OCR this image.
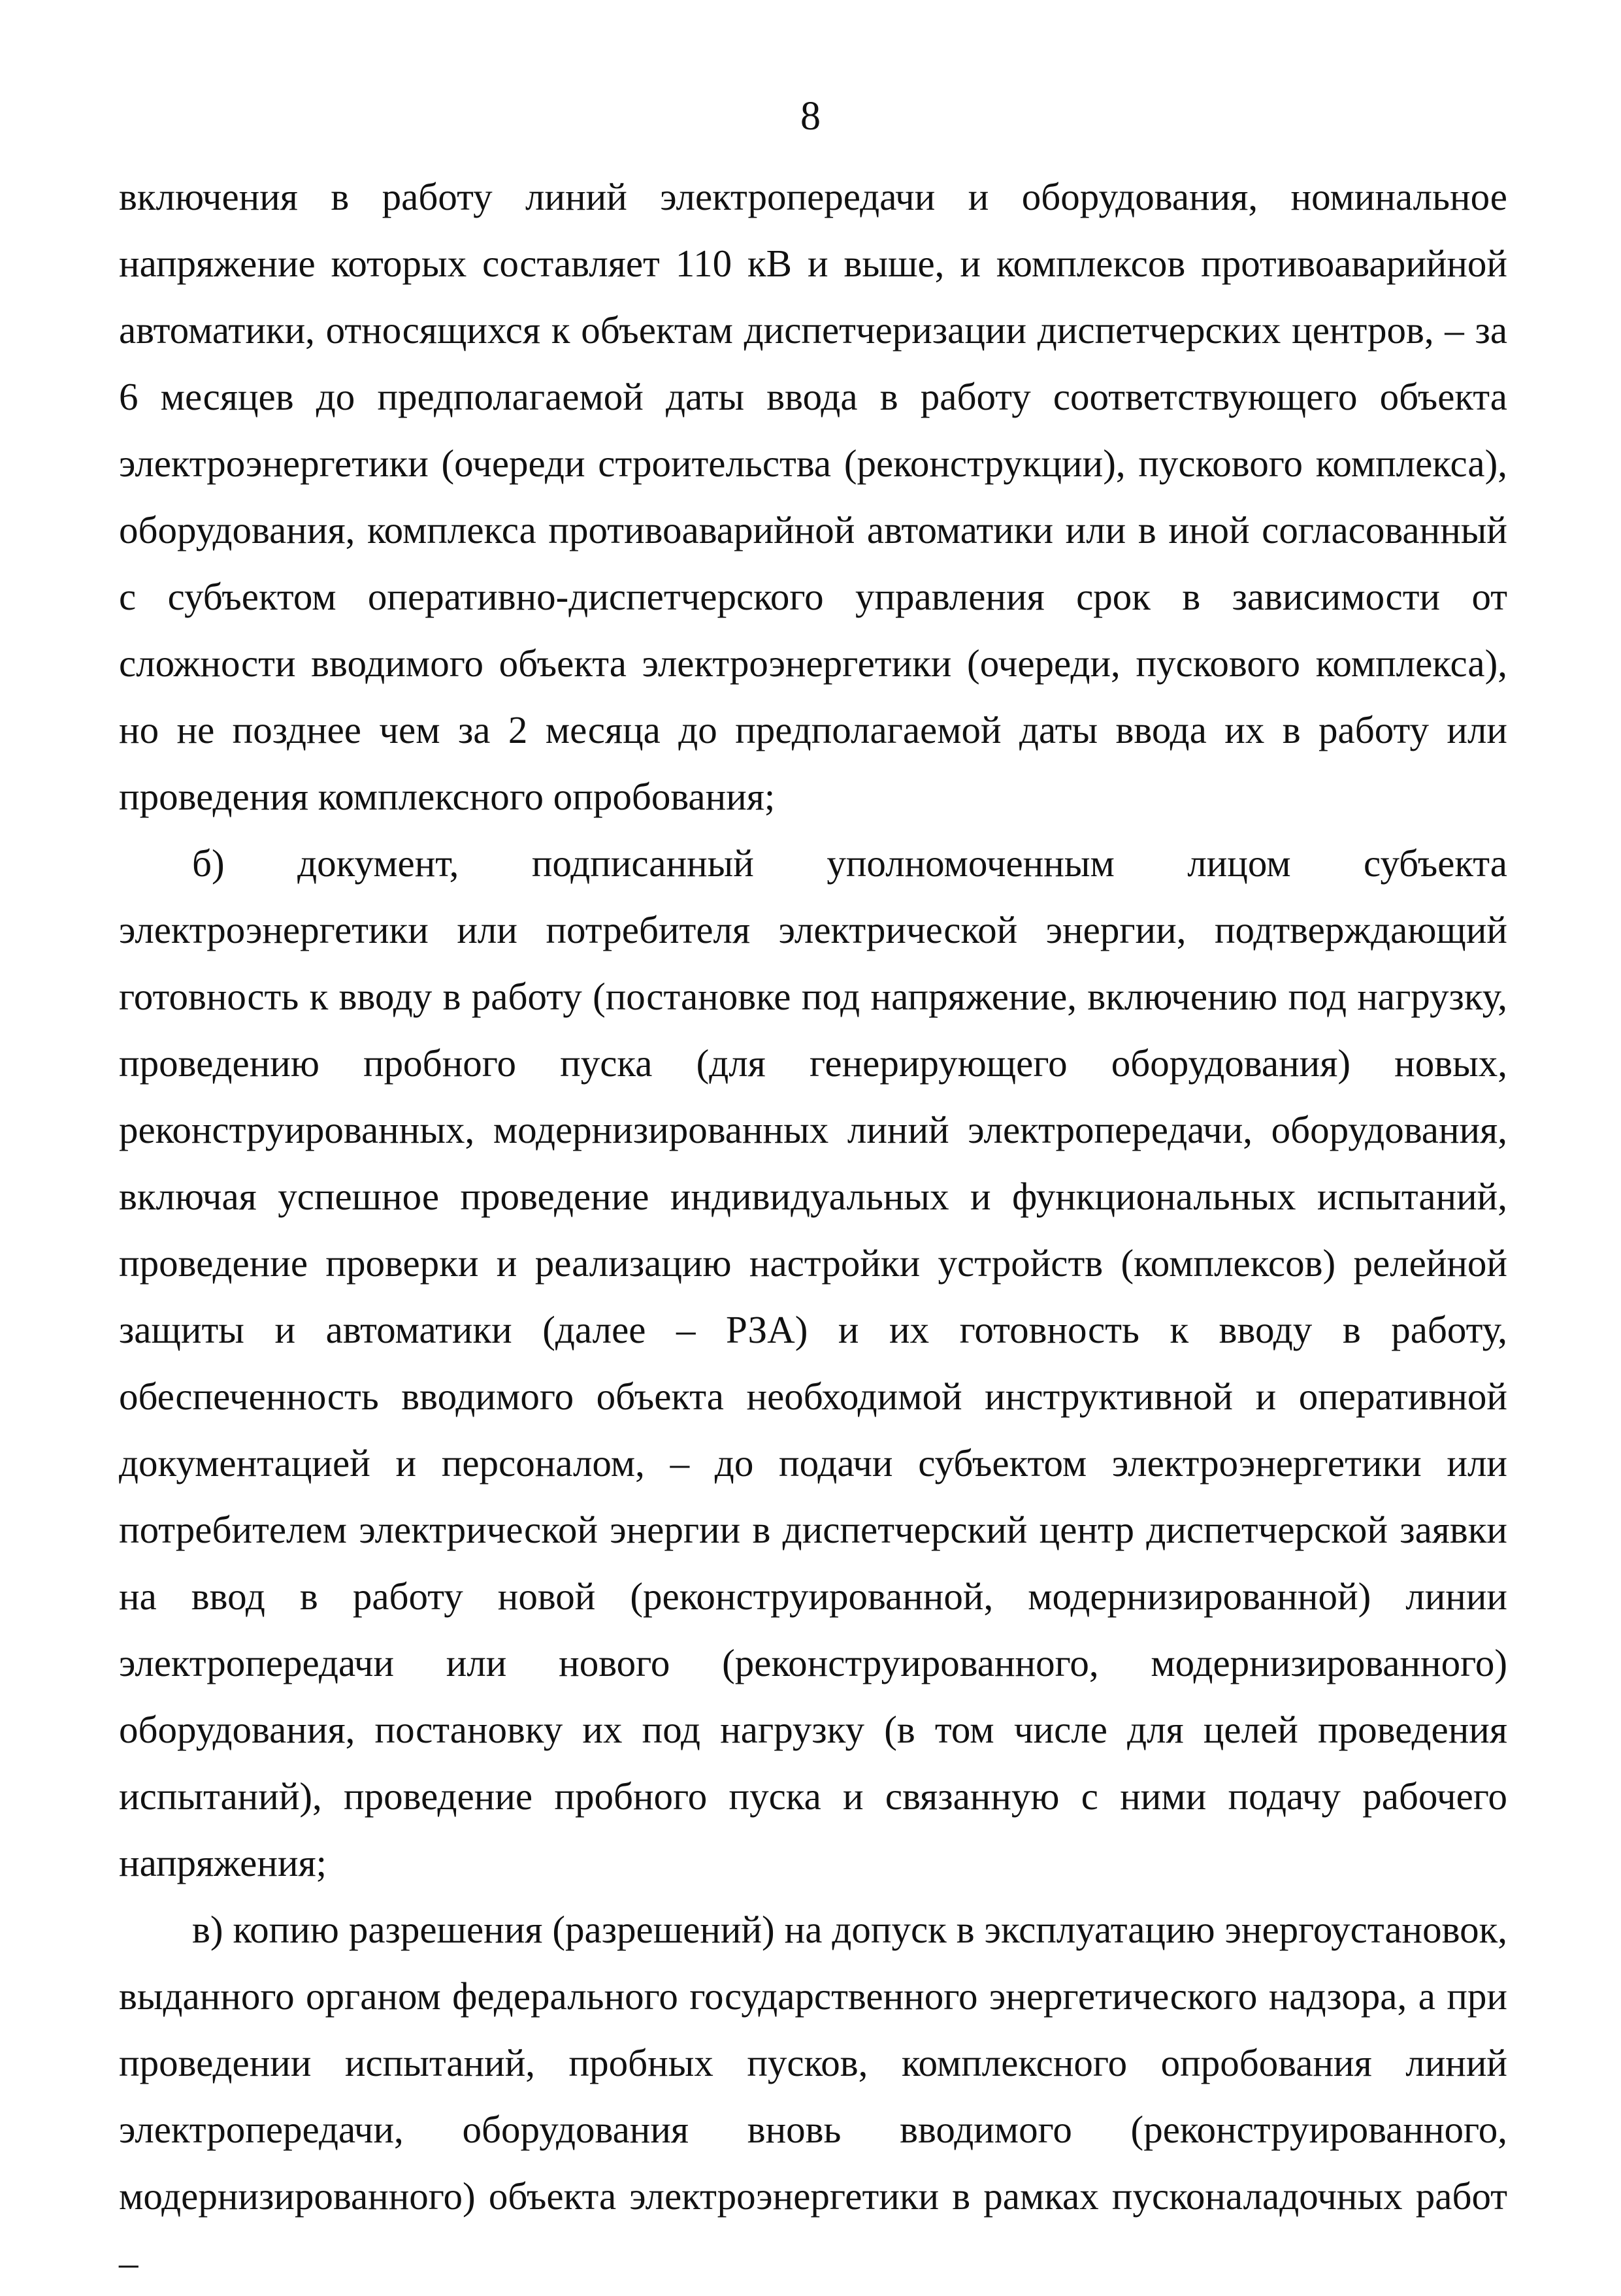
8

включения в работу линий электропередачи и оборудования, номинальное напряжение которых составляет 110 кВ и выше, и комплексов противоаварийной автоматики, относящихся к объектам диспетчеризации диспетчерских центров, – за 6 месяцев до предполагаемой даты ввода в работу соответствующего объекта электроэнергетики (очереди строительства (реконструкции), пускового комплекса), оборудования, комплекса противоаварийной автоматики или в иной согласованный с субъектом оперативно-диспетчерского управления срок в зависимости от сложности вводимого объекта электроэнергетики (очереди, пускового комплекса), но не позднее чем за 2 месяца до предполагаемой даты ввода их в работу или проведения комплексного опробования;

б) документ, подписанный уполномоченным лицом субъекта электроэнергетики или потребителя электрической энергии, подтверждающий готовность к вводу в работу (постановке под напряжение, включению под нагрузку, проведению пробного пуска (для генерирующего оборудования) новых, реконструированных, модернизированных линий электропередачи, оборудования, включая успешное проведение индивидуальных и функциональных испытаний, проведение проверки и реализацию настройки устройств (комплексов) релейной защиты и автоматики (далее – РЗА) и их готовность к вводу в работу, обеспеченность вводимого объекта необходимой инструктивной и оперативной документацией и персоналом, – до подачи субъектом электроэнергетики или потребителем электрической энергии в диспетчерский центр диспетчерской заявки на ввод в работу новой (реконструированной, модернизированной) линии электропередачи или нового (реконструированного, модернизированного) оборудования, постановку их под нагрузку (в том числе для целей проведения испытаний), проведение пробного пуска и связанную с ними подачу рабочего напряжения;

в) копию разрешения (разрешений) на допуск в эксплуатацию энергоустановок, выданного органом федерального государственного энергетического надзора, а при проведении испытаний, пробных пусков, комплексного опробования линий электропередачи, оборудования вновь вводимого (реконструированного, модернизированного) объекта электроэнергетики в рамках пусконаладочных работ –
